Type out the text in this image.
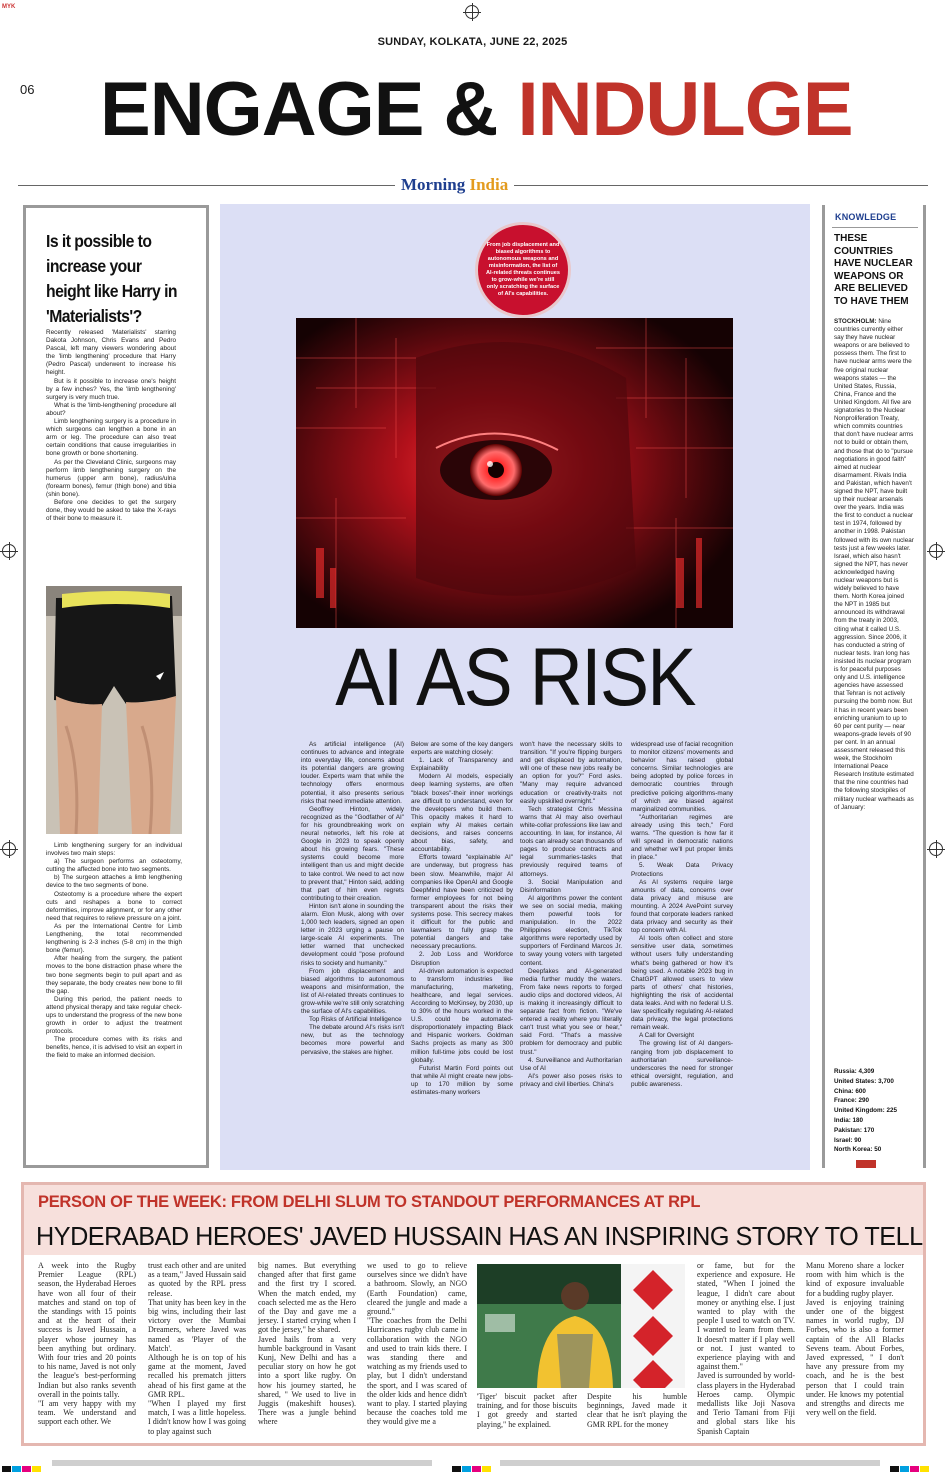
MYK
SUNDAY, KOLKATA, JUNE 22, 2025
06 ENGAGE & INDULGE
Morning India
Is it possible to increase your height like Harry in 'Materialists'?

Recently released 'Materialists' starring Dakota Johnson, Chris Evans and Pedro Pascal, left many viewers wondering about the 'limb lengthening' procedure that Harry (Pedro Pascal) underwent to increase his height.

But is it possible to increase one's height by a few inches? Yes, the 'limb lengthening' surgery is very much true.

What is the 'limb-lengthening' procedure all about?

Limb lengthening surgery is a procedure in which surgeons can lengthen a bone in an arm or leg. The procedure can also treat certain conditions that cause irregularities in bone growth or bone shortening.

As per the Cleveland Clinic, surgeons may perform limb lengthening surgery on the humerus (upper arm bone), radius/ulna (forearm bones), femur (thigh bone) and tibia (shin bone).

Before one decides to get the surgery done, they would be asked to take the X-rays of their bone to measure it.

Limb lengthening surgery for an individual involves two main steps:

a) The surgeon performs an osteotomy, cutting the affected bone into two segments.

b) The surgeon attaches a limb lengthening device to the two segments of bone.

Osteotomy is a procedure where the expert cuts and reshapes a bone to correct deformities, improve alignment, or for any other need that requires to relieve pressure on a joint.

As per the International Centre for Limb Lengthening, the total recommended lengthening is 2-3 inches (5-8 cm) in the thigh bone (femur).

After healing from the surgery, the patient moves to the bone distraction phase where the two bone segments begin to pull apart and as they separate, the body creates new bone to fill the gap.

During this period, the patient needs to attend physical therapy and take regular check-ups to understand the progress of the new bone growth in order to adjust the treatment protocols.

The procedure comes with its risks and benefits, hence, it is advised to visit an expert in the field to make an informed decision.

From job displacement and biased algorithms to autonomous weapons and misinformation, the list of AI-related threats continues to grow-while we're still only scratching the surface of AI's capabilities.
AI AS RISK

As artificial intelligence (AI) continues to advance and integrate into everyday life, concerns about its potential dangers are growing louder. Experts warn that while the technology offers enormous potential, it also presents serious risks that need immediate attention.

Geoffrey Hinton, widely recognized as the "Godfather of AI" for his groundbreaking work on neural networks, left his role at Google in 2023 to speak openly about his growing fears. "These systems could become more intelligent than us and might decide to take control. We need to act now to prevent that," Hinton said, adding that part of him even regrets contributing to their creation.

Hinton isn't alone in sounding the alarm. Elon Musk, along with over 1,000 tech leaders, signed an open letter in 2023 urging a pause on large-scale AI experiments. The letter warned that unchecked development could "pose profound risks to society and humanity."

From job displacement and biased algorithms to autonomous weapons and misinformation, the list of AI-related threats continues to grow-while we're still only scratching the surface of AI's capabilities.

Top Risks of Artificial Intelligence

The debate around AI's risks isn't new, but as the technology becomes more powerful and pervasive, the stakes are higher.

Below are some of the key dangers experts are watching closely:

1. Lack of Transparency and Explainability

Modern AI models, especially deep learning systems, are often "black boxes"-their inner workings are difficult to understand, even for the developers who build them. This opacity makes it hard to explain why AI makes certain decisions, and raises concerns about bias, safety, and accountability.

Efforts toward "explainable AI" are underway, but progress has been slow. Meanwhile, major AI companies like OpenAI and Google DeepMind have been criticized by former employees for not being transparent about the risks their systems pose. This secrecy makes it difficult for the public and lawmakers to fully grasp the potential dangers and take necessary precautions.

2. Job Loss and Workforce Disruption

AI-driven automation is expected to transform industries like manufacturing, marketing, healthcare, and legal services. According to McKinsey, by 2030, up to 30% of the hours worked in the U.S. could be automated-disproportionately impacting Black and Hispanic workers. Goldman Sachs projects as many as 300 million full-time jobs could be lost globally.

Futurist Martin Ford points out that while AI might create new jobs-up to 170 million by some estimates-many workers

won't have the necessary skills to transition. "If you're flipping burgers and get displaced by automation, will one of these new jobs really be an option for you?" Ford asks. "Many may require advanced education or creativity-traits not easily upskilled overnight."

Tech strategist Chris Messina warns that AI may also overhaul white-collar professions like law and accounting. In law, for instance, AI tools can already scan thousands of pages to produce contracts and legal summaries-tasks that previously required teams of attorneys.

3. Social Manipulation and Disinformation

AI algorithms power the content we see on social media, making them powerful tools for manipulation. In the 2022 Philippines election, TikTok algorithms were reportedly used by supporters of Ferdinand Marcos Jr. to sway young voters with targeted content.

Deepfakes and AI-generated media further muddy the waters. From fake news reports to forged audio clips and doctored videos, AI is making it increasingly difficult to separate fact from fiction. "We've entered a reality where you literally can't trust what you see or hear," said Ford. "That's a massive problem for democracy and public trust."

4. Surveillance and Authoritarian Use of AI

AI's power also poses risks to privacy and civil liberties. China's

widespread use of facial recognition to monitor citizens' movements and behavior has raised global concerns. Similar technologies are being adopted by police forces in democratic countries through predictive policing algorithms-many of which are biased against marginalized communities.

"Authoritarian regimes are already using this tech," Ford warns. "The question is how far it will spread in democratic nations and whether we'll put proper limits in place."

5. Weak Data Privacy Protections

As AI systems require large amounts of data, concerns over data privacy and misuse are mounting. A 2024 AvePoint survey found that corporate leaders ranked data privacy and security as their top concern with AI.

AI tools often collect and store sensitive user data, sometimes without users fully understanding what's being gathered or how it's being used. A notable 2023 bug in ChatGPT allowed users to view parts of others' chat histories, highlighting the risk of accidental data leaks. And with no federal U.S. law specifically regulating AI-related data privacy, the legal protections remain weak.

A Call for Oversight

The growing list of AI dangers-ranging from job displacement to authoritarian surveillance-underscores the need for stronger ethical oversight, regulation, and public awareness.

KNOWLEDGE
THESE COUNTRIES HAVE NUCLEAR WEAPONS OR ARE BELIEVED TO HAVE THEM
STOCKHOLM: Nine countries currently either say they have nuclear weapons or are believed to possess them. The first to have nuclear arms were the five original nuclear weapons states — the United States, Russia, China, France and the United Kingdom. All five are signatories to the Nuclear Nonproliferation Treaty, which commits countries that don't have nuclear arms not to build or obtain them, and those that do to "pursue negotiations in good faith" aimed at nuclear disarmament. Rivals India and Pakistan, which haven't signed the NPT, have built up their nuclear arsenals over the years. India was the first to conduct a nuclear test in 1974, followed by another in 1998. Pakistan followed with its own nuclear tests just a few weeks later. Israel, which also hasn't signed the NPT, has never acknowledged having nuclear weapons but is widely believed to have them. North Korea joined the NPT in 1985 but announced its withdrawal from the treaty in 2003, citing what it called U.S. aggression. Since 2006, it has conducted a string of nuclear tests. Iran long has insisted its nuclear program is for peaceful purposes only and U.S. intelligence agencies have assessed that Tehran is not actively pursuing the bomb now. But it has in recent years been enriching uranium to up to 60 per cent purity — near weapons-grade levels of 90 per cent. In an annual assessment released this week, the Stockholm International Peace Research Institute estimated that the nine countries had the following stockpiles of military nuclear warheads as of January:
Russia: 4,309
United States: 3,700
China: 600
France: 290
United Kingdom: 225
India: 180
Pakistan: 170
Israel: 90
North Korea: 50
PERSON OF THE WEEK: FROM DELHI SLUM TO STANDOUT PERFORMANCES AT RPL
HYDERABAD HEROES' JAVED HUSSAIN HAS AN INSPIRING STORY TO TELL
A week into the Rugby Premier League (RPL) season, the Hyderabad Heroes have won all four of their matches and stand on top of the standings with 15 points and at the heart of their success is Javed Hussain, a player whose journey has been anything but ordinary. With four tries and 20 points to his name, Javed is not only the league's best-performing Indian but also ranks seventh overall in the points tally.
"I am very happy with my team. We understand and support each other. We
trust each other and are united as a team," Javed Hussain said as quoted by the RPL press release.
That unity has been key in the big wins, including their last victory over the Mumbai Dreamers, where Javed was named as 'Player of the Match'.
Although he is on top of his game at the moment, Javed recalled his prematch jitters ahead of his first game at the GMR RPL.
"When I played my first match, I was a little hopeless. I didn't know how I was going to play against such
big names. But everything changed after that first game and the first try I scored. When the match ended, my coach selected me as the Hero of the Day and gave me a jersey. I started crying when I got the jersey," he shared.
Javed hails from a very humble background in Vasant Kunj, New Delhi and has a peculiar story on how he got into a sport like rugby. On how his journey started, he shared, " We used to live in Juggis (makeshift houses). There was a jungle behind where
we used to go to relieve ourselves since we didn't have a bathroom. Slowly, an NGO (Earth Foundation) came, cleared the jungle and made a ground."
"The coaches from the Delhi Hurricanes rugby club came in collaboration with the NGO and used to train kids there. I was standing there and watching as my friends used to play, but I didn't understand the sport, and I was scared of the older kids and hence didn't want to play. I started playing because the coaches told me they would give me a
'Tiger' biscuit packet after training, and for those biscuits I got greedy and started playing," he explained.
Despite his humble beginnings, Javed made it clear that he isn't playing the GMR RPL for the money
or fame, but for the experience and exposure. He stated, "When I joined the league, I didn't care about money or anything else. I just wanted to play with the people I used to watch on TV. I wanted to learn from them. It doesn't matter if I play well or not. I just wanted to experience playing with and against them."
Javed is surrounded by world-class players in the Hyderabad Heroes camp. Olympic medallists like Joji Nasova and Terio Tamani from Fiji and global stars like his Spanish Captain
Manu Moreno share a locker room with him which is the kind of exposure invaluable for a budding rugby player.
Javed is enjoying training under one of the biggest names in world rugby, DJ Forbes, who is also a former captain of the All Blacks Sevens team. About Forbes, Javed expressed, " I don't have any pressure from my coach, and he is the best person that I could train under. He knows my potential and strengths and directs me very well on the field.
